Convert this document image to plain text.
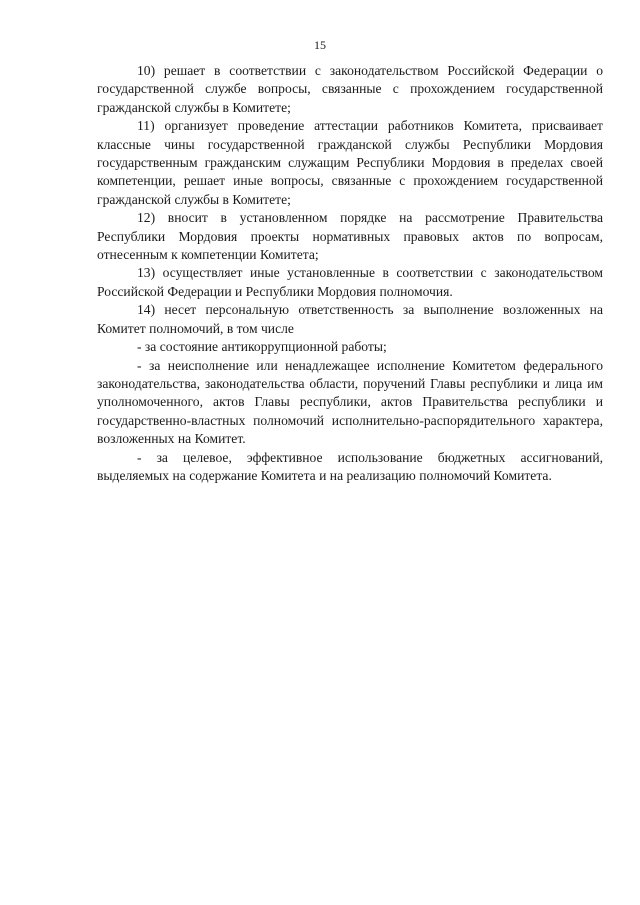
15

10) решает в соответствии с законодательством Российской Федерации о государственной службе вопросы, связанные с прохождением государственной гражданской службы в Комитете;

11) организует проведение аттестации работников Комитета, присваивает классные чины государственной гражданской службы Республики Мордовия государственным гражданским служащим Республики Мордовия в пределах своей компетенции, решает иные вопросы, связанные с прохождением государственной гражданской службы в Комитете;

12) вносит в установленном порядке на рассмотрение Правительства Республики Мордовия проекты нормативных правовых актов по вопросам, отнесенным к компетенции Комитета;

13) осуществляет иные установленные в соответствии с законодательством Российской Федерации и Республики Мордовия полномочия.

14) несет персональную ответственность за выполнение возложенных на Комитет полномочий, в том числе

- за состояние антикоррупционной работы;

- за неисполнение или ненадлежащее исполнение Комитетом федерального законодательства, законодательства области, поручений Главы республики и лица им уполномоченного, актов Главы республики, актов Правительства республики и государственно-властных полномочий исполнительно-распорядительного характера, возложенных на Комитет.

- за целевое, эффективное использование бюджетных ассигнований, выделяемых на содержание Комитета и на реализацию полномочий Комитета.
